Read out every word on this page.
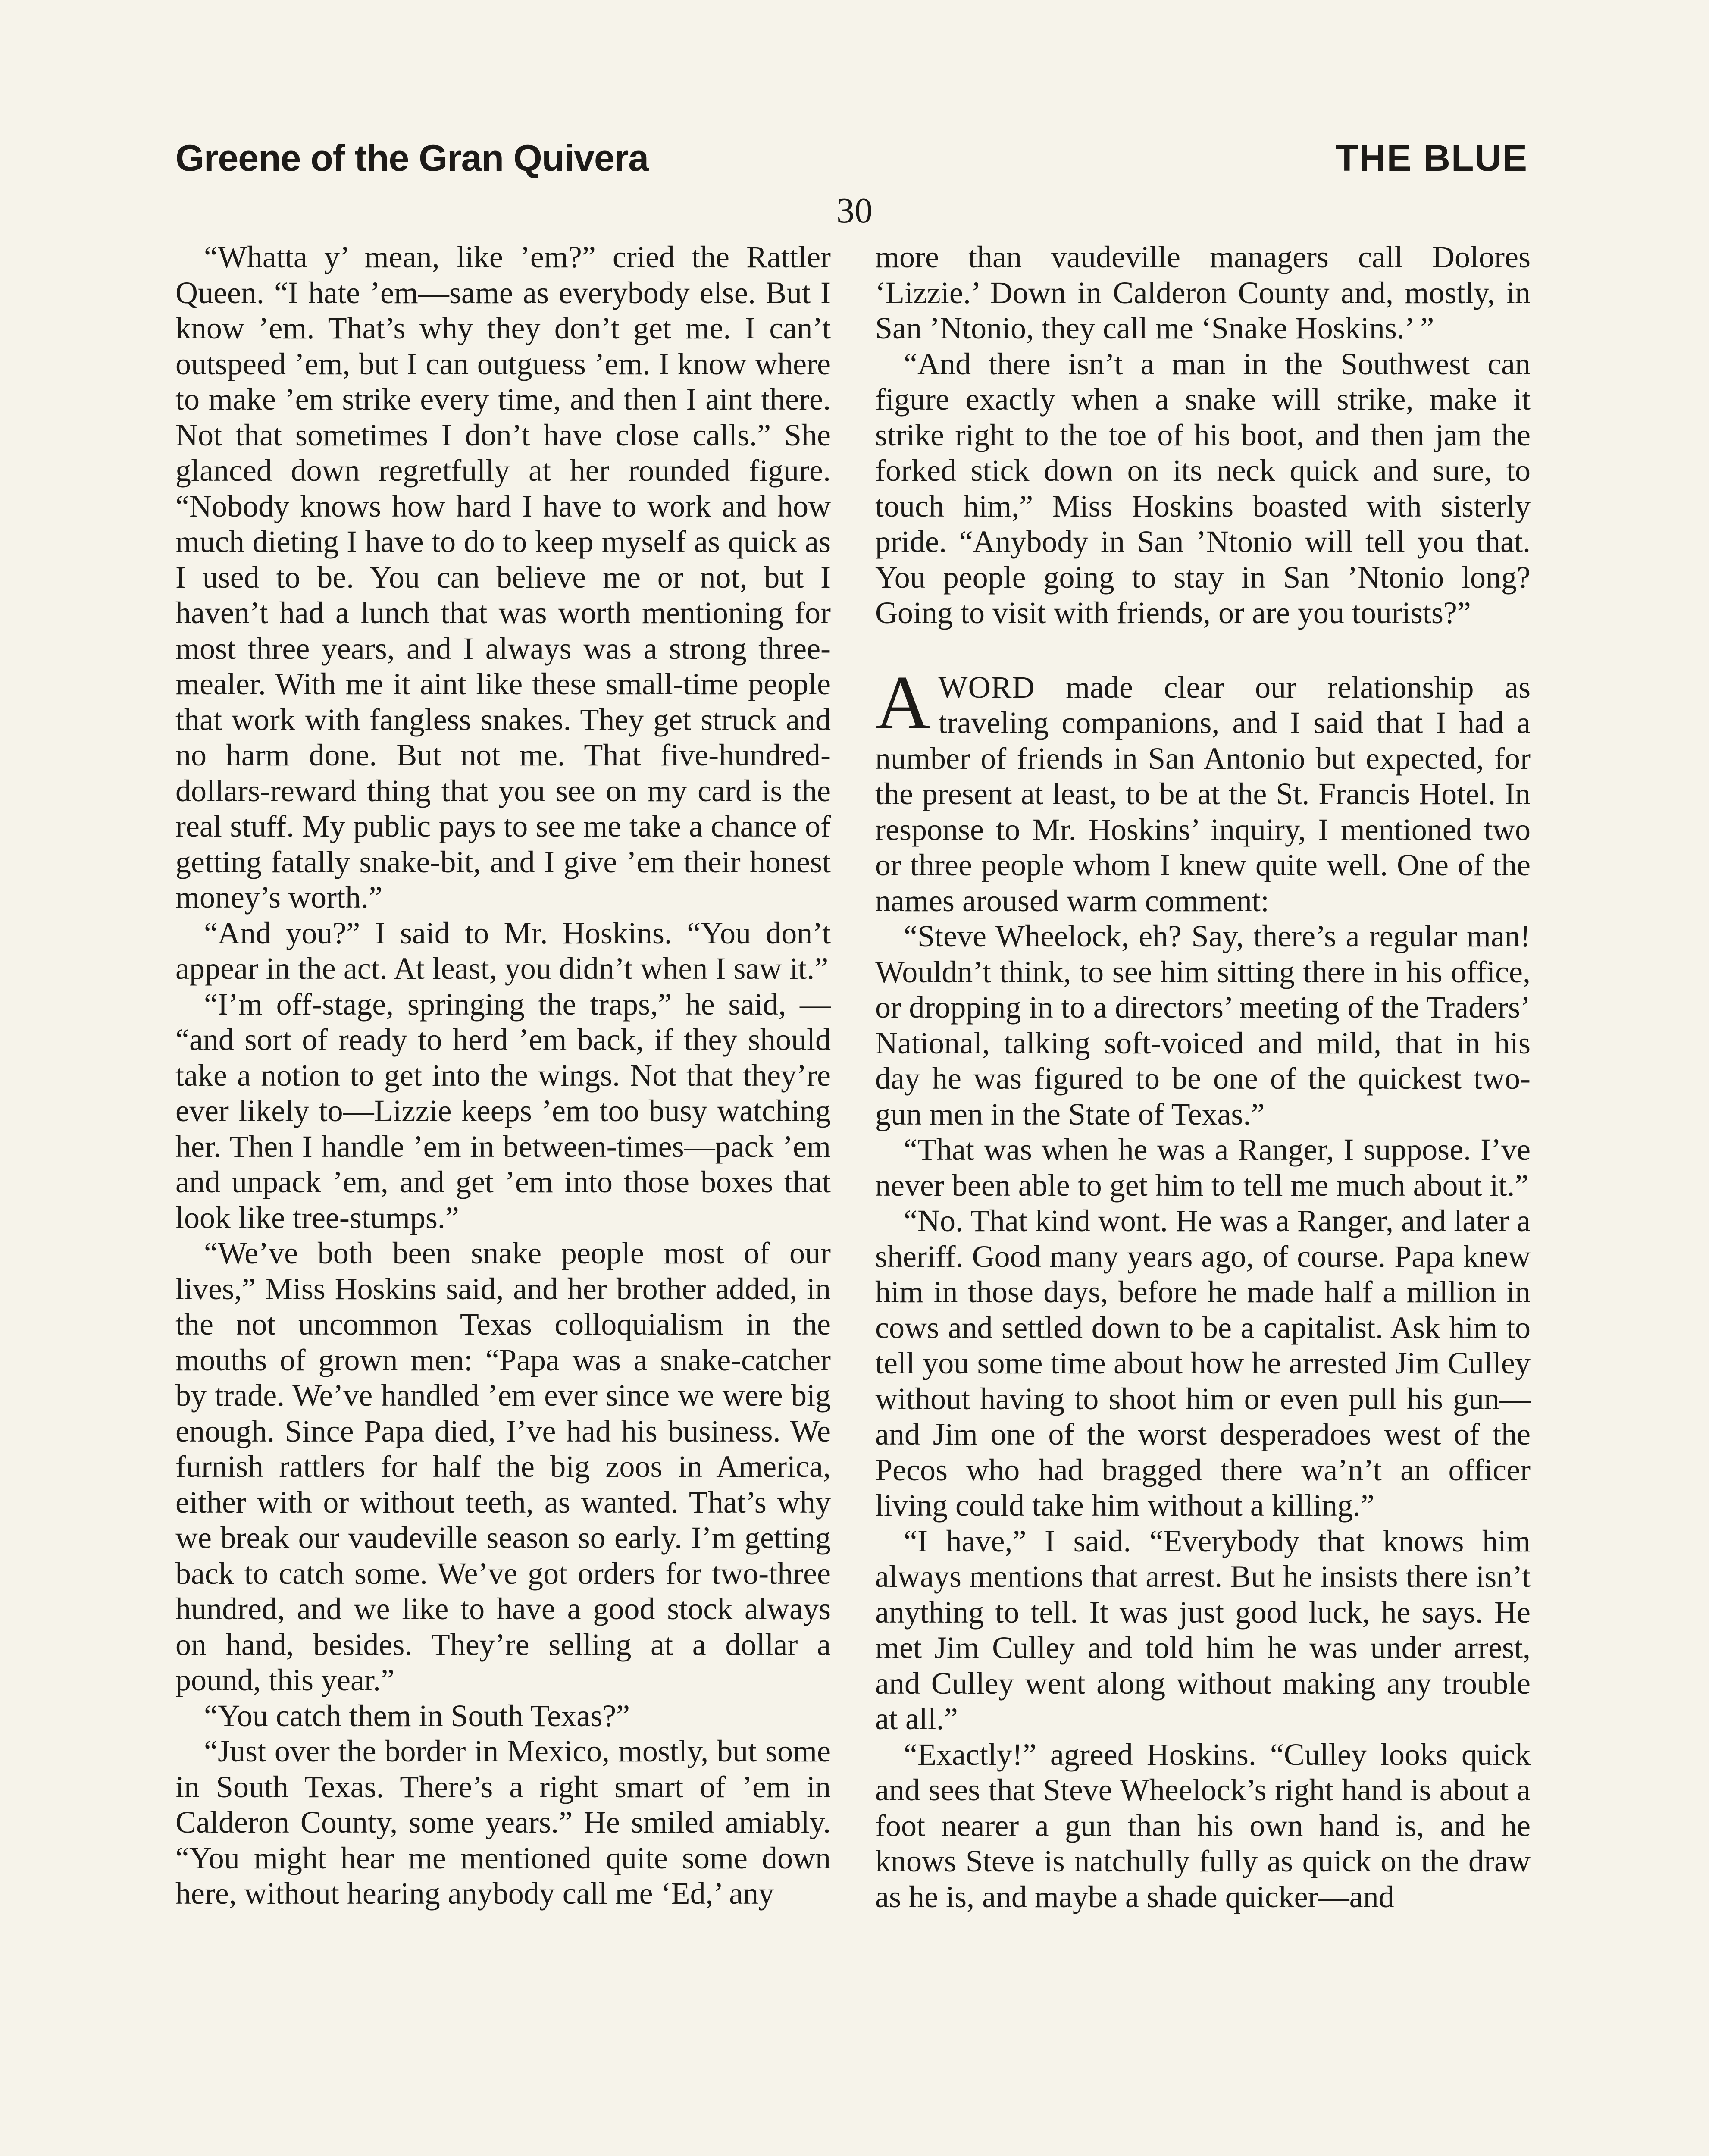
Greene of the Gran Quivera	THE BLUE
30

“Whatta y’ mean, like ’em?” cried the Rattler Queen. “I hate ’em—same as everybody else. But I know ’em. That’s why they don’t get me. I can’t outspeed ’em, but I can outguess ’em. I know where to make ’em strike every time, and then I aint there. Not that sometimes I don’t have close calls.” She glanced down regretfully at her rounded figure. “Nobody knows how hard I have to work and how much dieting I have to do to keep myself as quick as I used to be. You can believe me or not, but I haven’t had a lunch that was worth mentioning for most three years, and I always was a strong three-mealer. With me it aint like these small-time people that work with fangless snakes. They get struck and no harm done. But not me. That five-hundred-dollars-reward thing that you see on my card is the real stuff. My public pays to see me take a chance of getting fatally snake-bit, and I give ’em their honest money’s worth.”

“And you?” I said to Mr. Hoskins. “You don’t appear in the act. At least, you didn’t when I saw it.”

“I’m off-stage, springing the traps,” he said, — “and sort of ready to herd ’em back, if they should take a notion to get into the wings. Not that they’re ever likely to—Lizzie keeps ’em too busy watching her. Then I handle ’em in between-times—pack ’em and unpack ’em, and get ’em into those boxes that look like tree-stumps.”

“We’ve both been snake people most of our lives,” Miss Hoskins said, and her brother added, in the not uncommon Texas colloquialism in the mouths of grown men: “Papa was a snake-catcher by trade. We’ve handled ’em ever since we were big enough. Since Papa died, I’ve had his business. We furnish rattlers for half the big zoos in America, either with or without teeth, as wanted. That’s why we break our vaudeville season so early. I’m getting back to catch some. We’ve got orders for two-three hundred, and we like to have a good stock always on hand, besides. They’re selling at a dollar a pound, this year.”

“You catch them in South Texas?”

“Just over the border in Mexico, mostly, but some in South Texas. There’s a right smart of ’em in Calderon County, some years.” He smiled amiably. “You might hear me mentioned quite some down here, without hearing anybody call me ‘Ed,’ any

more than vaudeville managers call Dolores ‘Lizzie.’ Down in Calderon County and, mostly, in San ’Ntonio, they call me ‘Snake Hoskins.’ ”

“And there isn’t a man in the Southwest can figure exactly when a snake will strike, make it strike right to the toe of his boot, and then jam the forked stick down on its neck quick and sure, to touch him,” Miss Hoskins boasted with sisterly pride. “Anybody in San ’Ntonio will tell you that. You people going to stay in San ’Ntonio long? Going to visit with friends, or are you tourists?”

AWORD made clear our relationship as traveling companions, and I said that I had a number of friends in San Antonio but expected, for the present at least, to be at the St. Francis Hotel. In response to Mr. Hoskins’ inquiry, I mentioned two or three people whom I knew quite well. One of the names aroused warm comment:

“Steve Wheelock, eh? Say, there’s a regular man! Wouldn’t think, to see him sitting there in his office, or dropping in to a directors’ meeting of the Traders’ National, talking soft-voiced and mild, that in his day he was figured to be one of the quickest two-gun men in the State of Texas.”

“That was when he was a Ranger, I suppose. I’ve never been able to get him to tell me much about it.”

“No. That kind wont. He was a Ranger, and later a sheriff. Good many years ago, of course. Papa knew him in those days, before he made half a million in cows and settled down to be a capitalist. Ask him to tell you some time about how he arrested Jim Culley without having to shoot him or even pull his gun—and Jim one of the worst desperadoes west of the Pecos who had bragged there wa’n’t an officer living could take him without a killing.”

“I have,” I said. “Everybody that knows him always mentions that arrest. But he insists there isn’t anything to tell. It was just good luck, he says. He met Jim Culley and told him he was under arrest, and Culley went along without making any trouble at all.”

“Exactly!” agreed Hoskins. “Culley looks quick and sees that Steve Wheelock’s right hand is about a foot nearer a gun than his own hand is, and he knows Steve is natchully fully as quick on the draw as he is, and maybe a shade quicker—and
